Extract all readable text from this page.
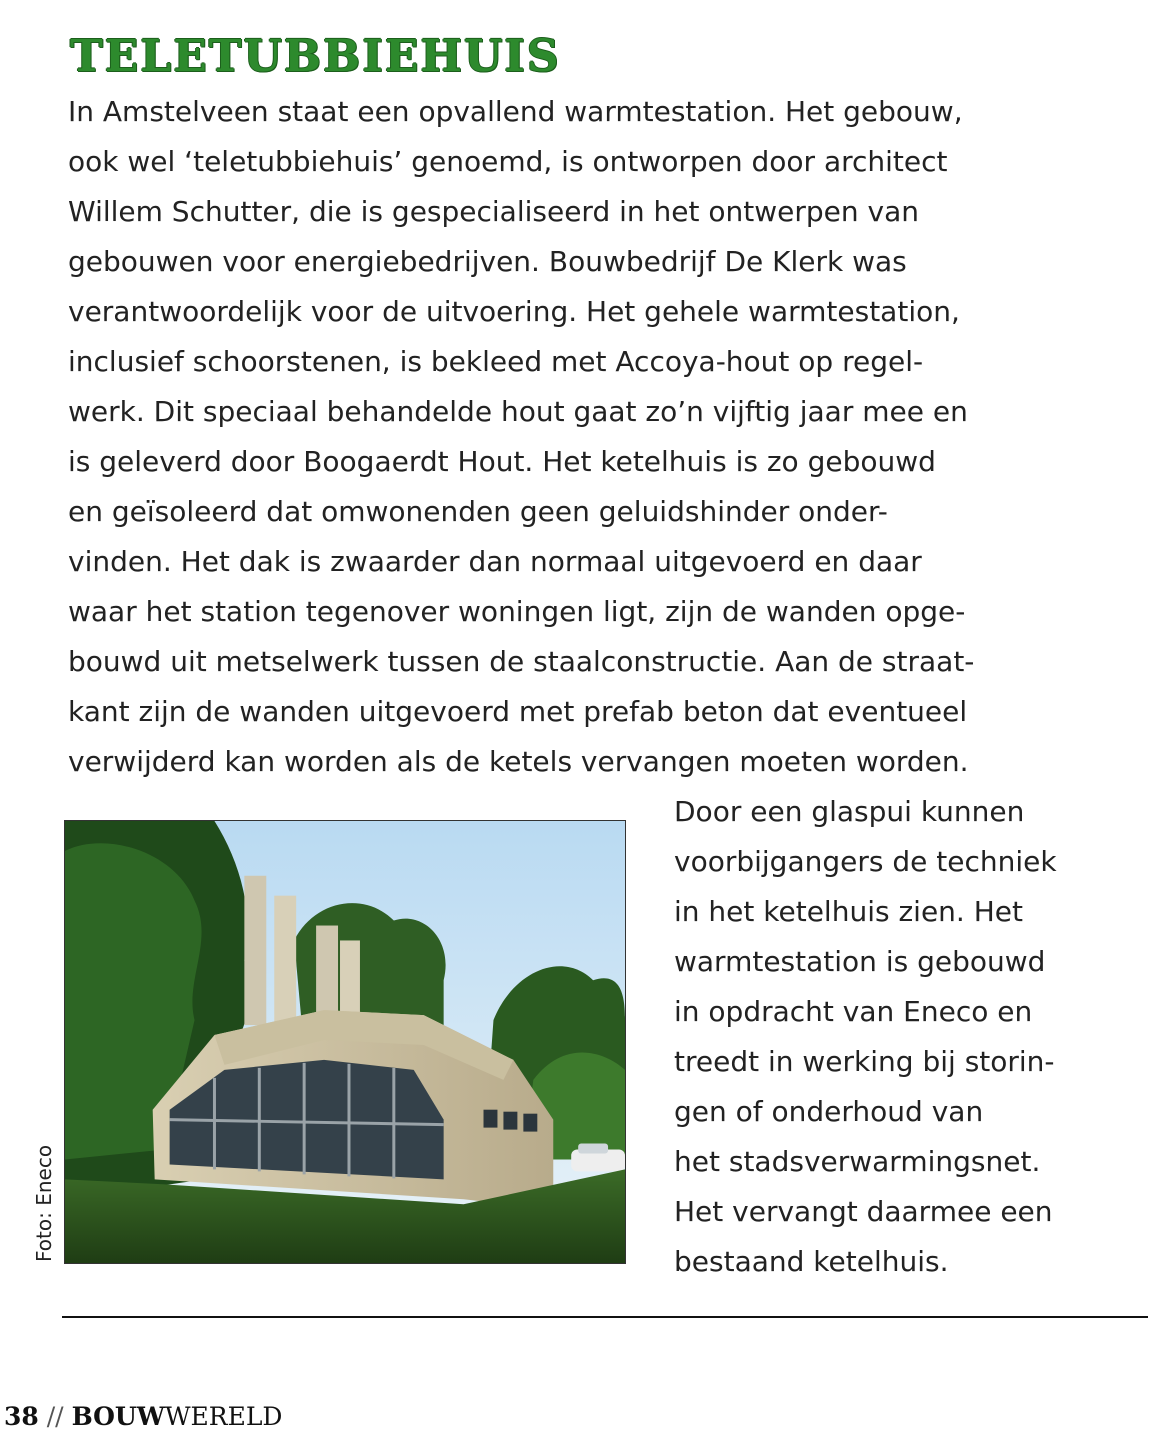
TELETUBBIEHUIS

In Amstelveen staat een opvallend warmtestation. Het gebouw,

ook wel ‘teletubbiehuis’ genoemd, is ontworpen door architect

Willem Schutter, die is gespecialiseerd in het ontwerpen van

gebouwen voor energiebedrijven. Bouwbedrijf De Klerk was

verantwoordelijk voor de uitvoering. Het gehele warmtestation,

inclusief schoorstenen, is bekleed met Accoya-hout op regel-

werk. Dit speciaal behandelde hout gaat zo’n vijftig jaar mee en

is geleverd door Boogaerdt Hout. Het ketelhuis is zo gebouwd

en geïsoleerd dat omwonenden geen geluidshinder onder-

vinden. Het dak is zwaarder dan normaal uitgevoerd en daar

waar het station tegenover woningen ligt, zijn de wanden opge-

bouwd uit metselwerk tussen de staalconstructie. Aan de straat-

kant zijn de wanden uitgevoerd met prefab beton dat eventueel

verwijderd kan worden als de ketels vervangen moeten worden.

Door een glaspui kunnen

voorbijgangers de techniek

in het ketelhuis zien. Het

warmtestation is gebouwd

in opdracht van Eneco en

treedt in werking bij storin-

gen of onderhoud van

het stadsverwarmingsnet.

Het vervangt daarmee een

bestaand ketelhuis.

Foto: Eneco

38 // BOUWWERELD
